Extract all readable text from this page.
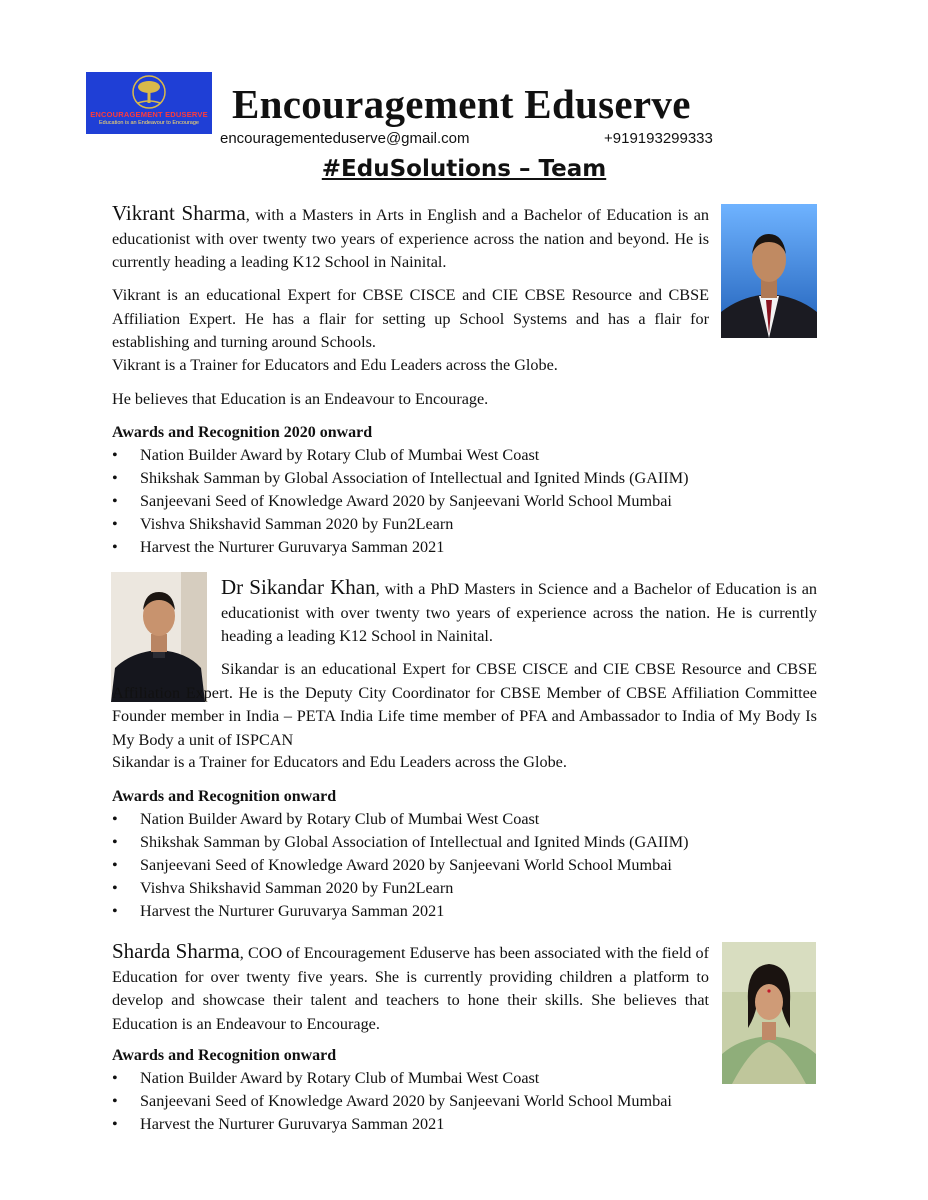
ENCOURAGEMENT EDUSERVE
Education is an Endeavour to Encourage Encouragement Eduserve
encouragementeduserve@gmail.com	+919193299333
#EduSolutions – Team

Vikrant Sharma, with a Masters in Arts in English and a Bachelor of Education is an educationist with over twenty two years of experience across the nation and beyond. He is currently heading a leading K12 School in Nainital.

Vikrant is an educational Expert for CBSE CISCE and CIE CBSE Resource and CBSE Affiliation Expert. He has a flair for setting up School Systems and has a flair for establishing and turning around Schools.

Vikrant is a Trainer for Educators and Edu Leaders across the Globe.

He believes that Education is an Endeavour to Encourage.

Awards and Recognition 2020 onward

• Nation Builder Award by Rotary Club of Mumbai West Coast
• Shikshak Samman by Global Association of Intellectual and Ignited Minds (GAIIM)
• Sanjeevani Seed of Knowledge Award 2020 by Sanjeevani World School Mumbai
• Vishva Shikshavid Samman 2020 by Fun2Learn
• Harvest the Nurturer Guruvarya Samman 2021

Dr Sikandar Khan, with a PhD Masters in Science and a Bachelor of Education is an educationist with over twenty two years of experience across the nation. He is currently heading a leading K12 School in Nainital.

Sikandar is an educational Expert for CBSE CISCE and CIE CBSE Resource and CBSE Affiliation Expert. He is the Deputy City Coordinator for CBSE Member of CBSE Affiliation Committee Founder member in India – PETA India Life time member of PFA and Ambassador to India of My Body Is My Body a unit of ISPCAN

Sikandar is a Trainer for Educators and Edu Leaders across the Globe.

Awards and Recognition onward

• Nation Builder Award by Rotary Club of Mumbai West Coast
• Shikshak Samman by Global Association of Intellectual and Ignited Minds (GAIIM)
• Sanjeevani Seed of Knowledge Award 2020 by Sanjeevani World School Mumbai
• Vishva Shikshavid Samman 2020 by Fun2Learn
• Harvest the Nurturer Guruvarya Samman 2021

Sharda Sharma, COO of Encouragement Eduserve has been associated with the field of Education for over twenty five years. She is currently providing children a platform to develop and showcase their talent and teachers to hone their skills. She believes that Education is an Endeavour to Encourage.

Awards and Recognition onward

• Nation Builder Award by Rotary Club of Mumbai West Coast
• Sanjeevani Seed of Knowledge Award 2020 by Sanjeevani World School Mumbai
• Harvest the Nurturer Guruvarya Samman 2021
